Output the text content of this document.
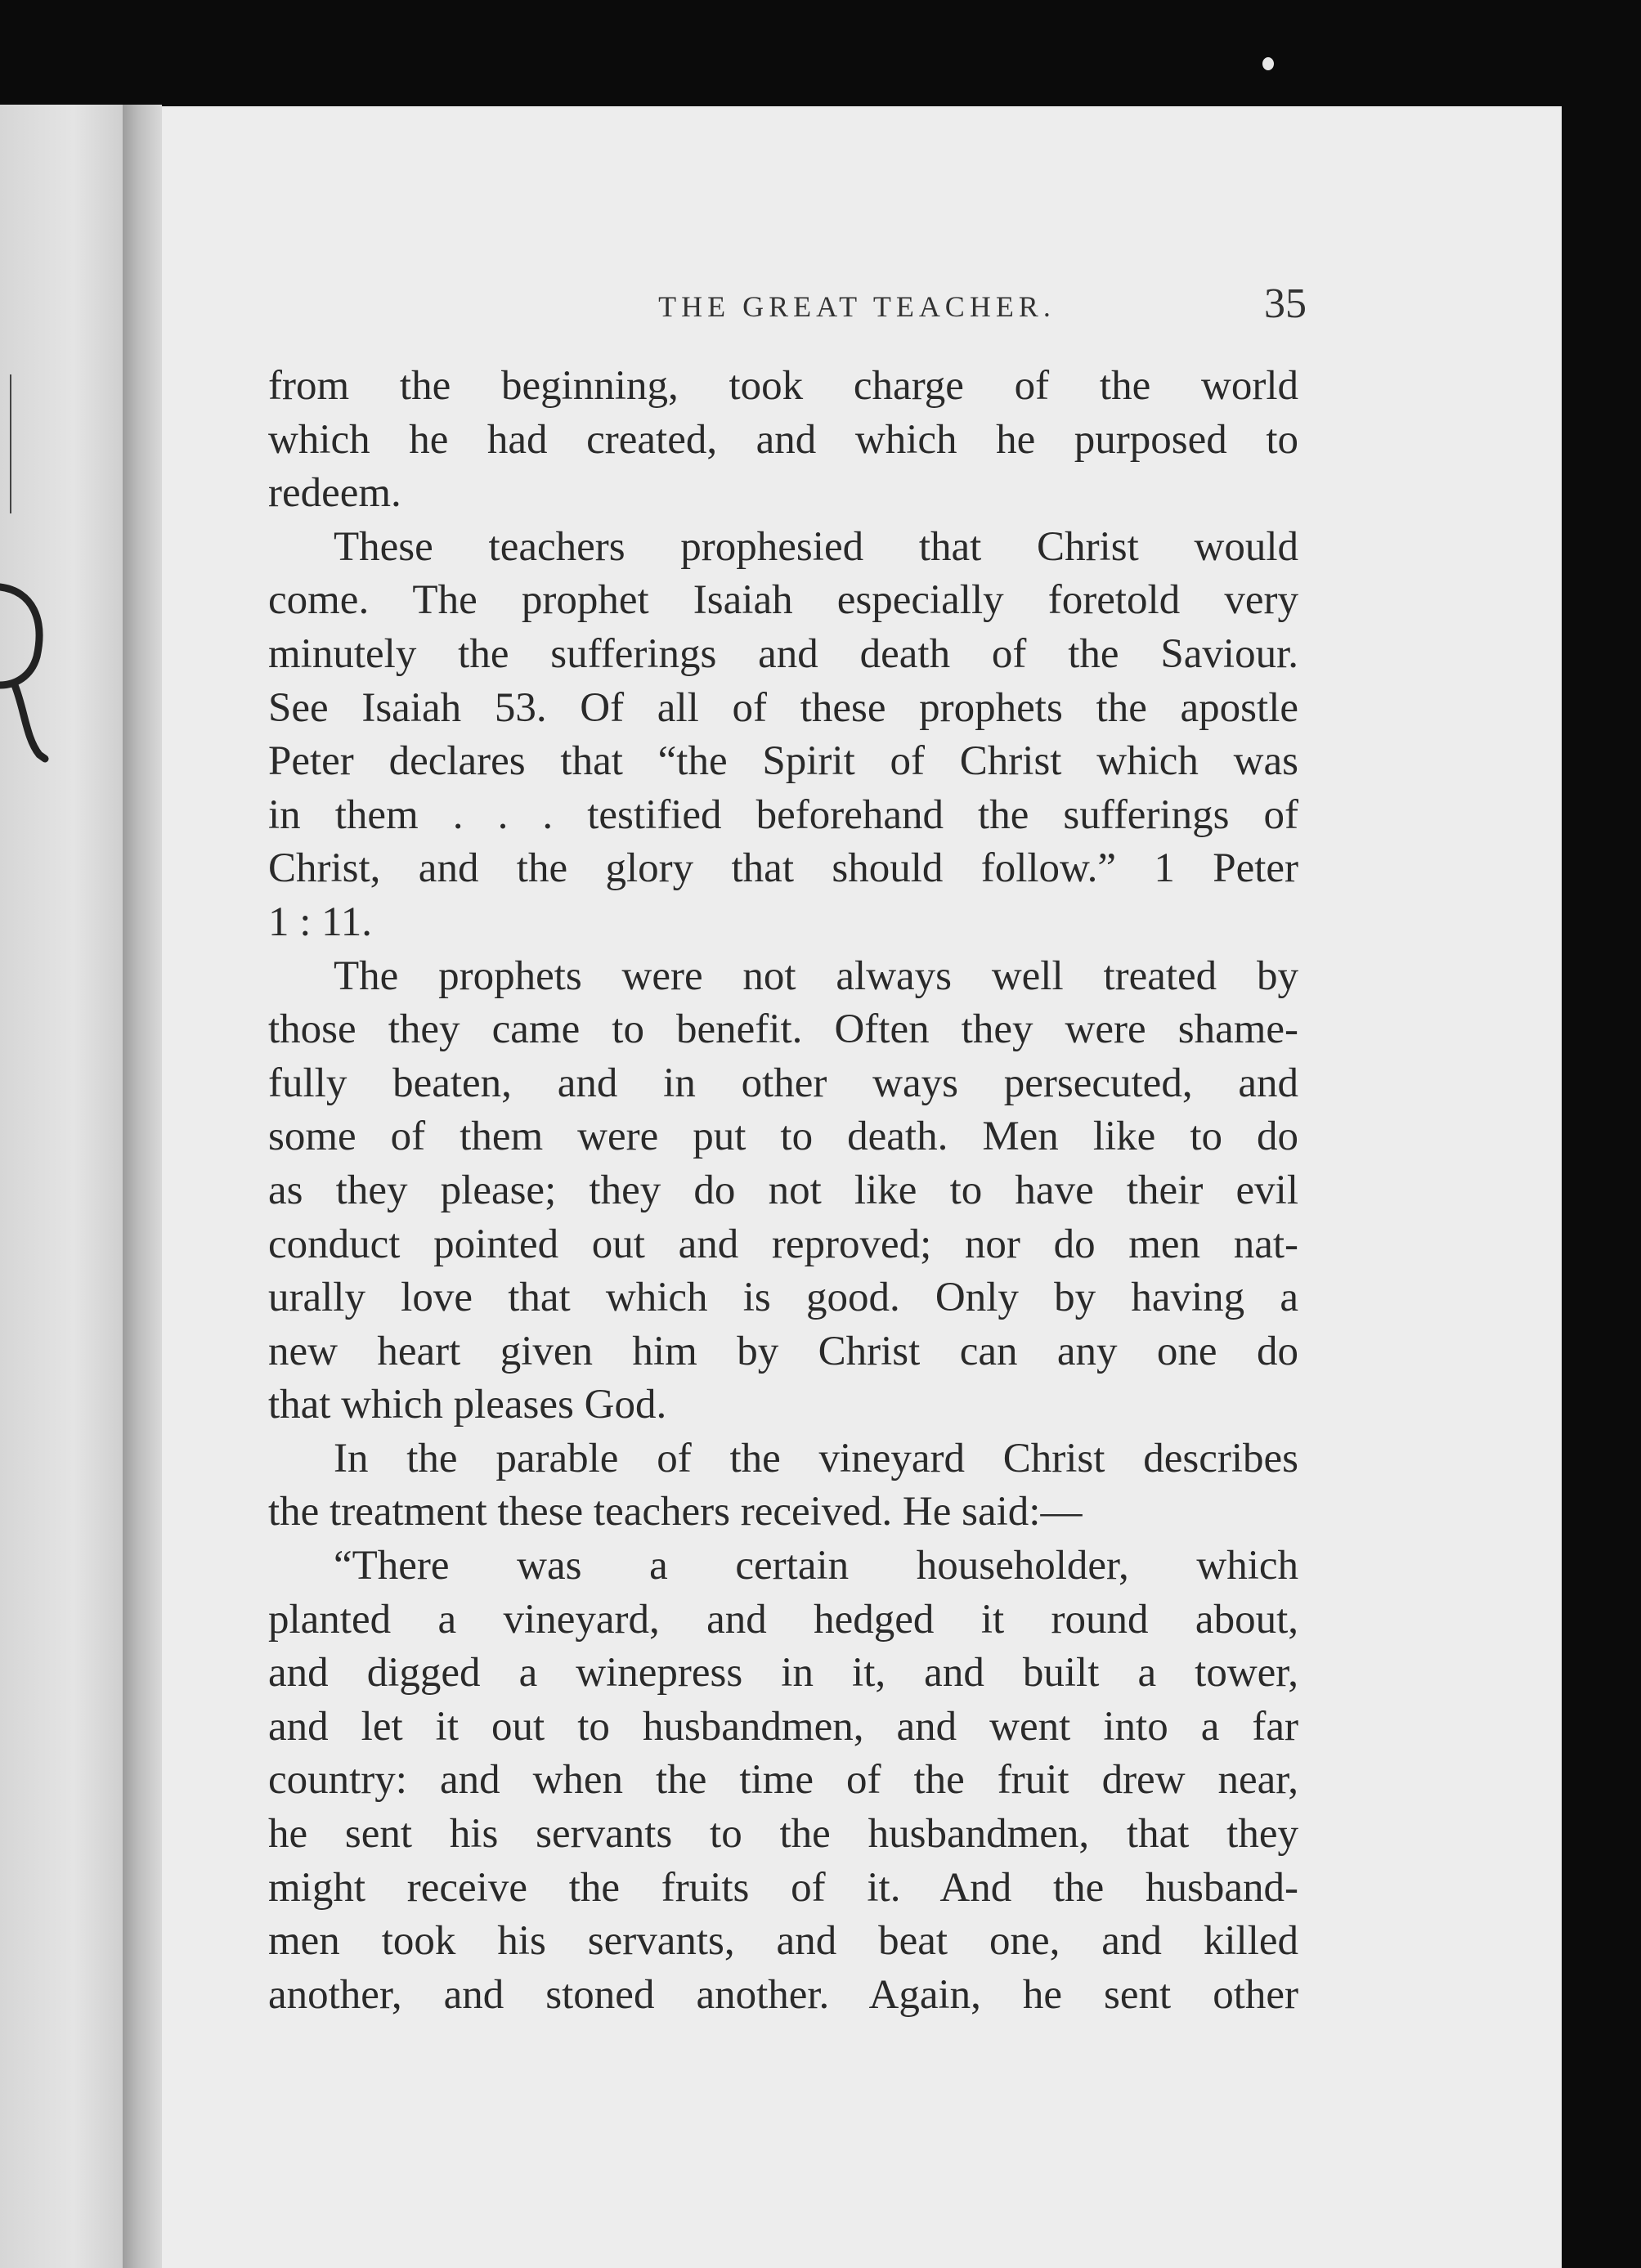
THE GREAT TEACHER.	35
from the beginning, took charge of the world
which he had created, and which he purposed to
redeem.
These teachers prophesied that Christ would
come. The prophet Isaiah especially foretold very
minutely the sufferings and death of the Saviour.
See Isaiah 53. Of all of these prophets the apostle
Peter declares that “the Spirit of Christ which was
in them . . . testified beforehand the sufferings of
Christ, and the glory that should follow.” 1 Peter
1 : 11.
The prophets were not always well treated by
those they came to benefit. Often they were shame-
fully beaten, and in other ways persecuted, and
some of them were put to death. Men like to do
as they please; they do not like to have their evil
conduct pointed out and reproved; nor do men nat-
urally love that which is good. Only by having a
new heart given him by Christ can any one do
that which pleases God.
In the parable of the vineyard Christ describes
the treatment these teachers received. He said:—
“There was a certain householder, which
planted a vineyard, and hedged it round about,
and digged a winepress in it, and built a tower,
and let it out to husbandmen, and went into a far
country: and when the time of the fruit drew near,
he sent his servants to the husbandmen, that they
might receive the fruits of it. And the husband-
men took his servants, and beat one, and killed
another, and stoned another. Again, he sent other
